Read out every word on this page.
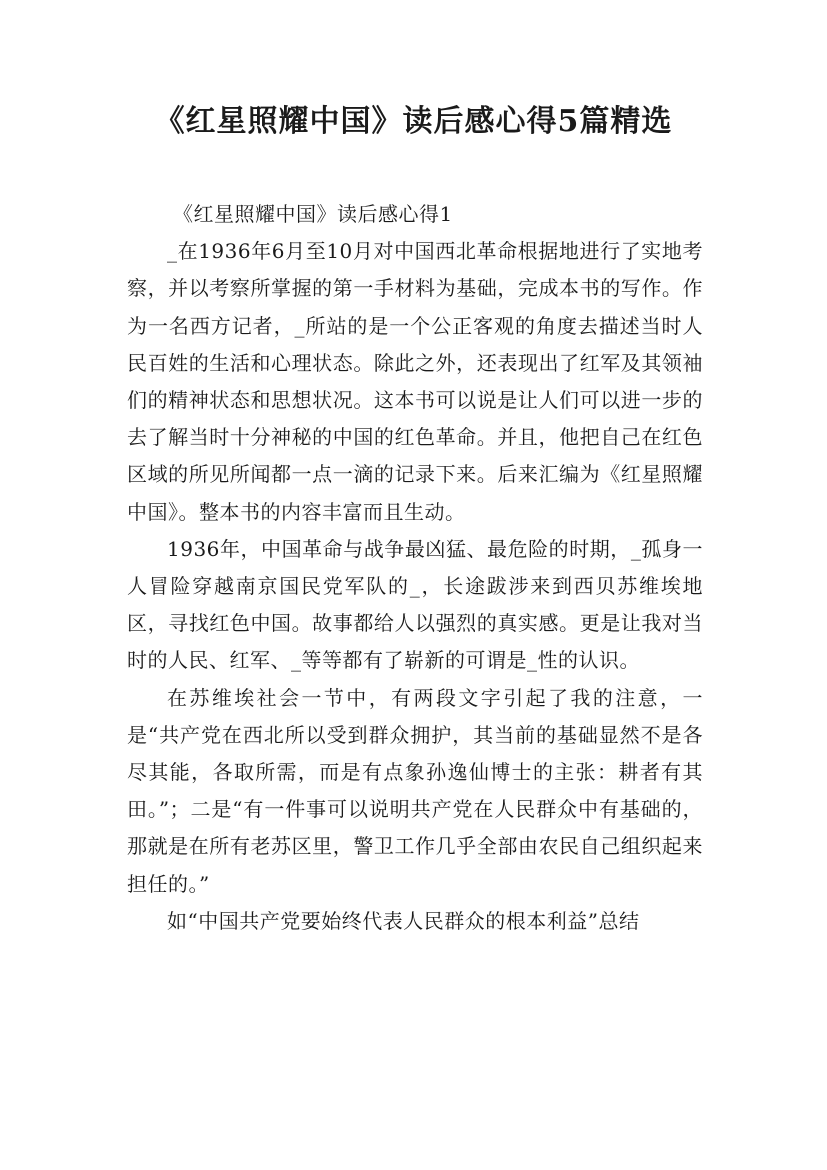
《红星照耀中国》读后感心得5篇精选

《红星照耀中国》读后感心得1

_在1936年6月至10月对中国西北革命根据地进行了实地考察，并以考察所掌握的第一手材料为基础，完成本书的写作。作为一名西方记者，_所站的是一个公正客观的角度去描述当时人民百姓的生活和心理状态。除此之外，还表现出了红军及其领袖们的精神状态和思想状况。这本书可以说是让人们可以进一步的去了解当时十分神秘的中国的红色革命。并且，他把自己在红色区域的所见所闻都一点一滴的记录下来。后来汇编为《红星照耀中国》。整本书的内容丰富而且生动。

1936年，中国革命与战争最凶猛、最危险的时期，_孤身一人冒险穿越南京国民党军队的_，长途跋涉来到西贝苏维埃地区，寻找红色中国。故事都给人以强烈的真实感。更是让我对当时的人民、红军、_等等都有了崭新的可谓是_性的认识。

在苏维埃社会一节中，有两段文字引起了我的注意，一是“共产党在西北所以受到群众拥护，其当前的基础显然不是各尽其能，各取所需，而是有点象孙逸仙博士的主张：耕者有其田。”；二是“有一件事可以说明共产党在人民群众中有基础的，那就是在所有老苏区里，警卫工作几乎全部由农民自己组织起来担任的。”

如“中国共产党要始终代表人民群众的根本利益”总结
